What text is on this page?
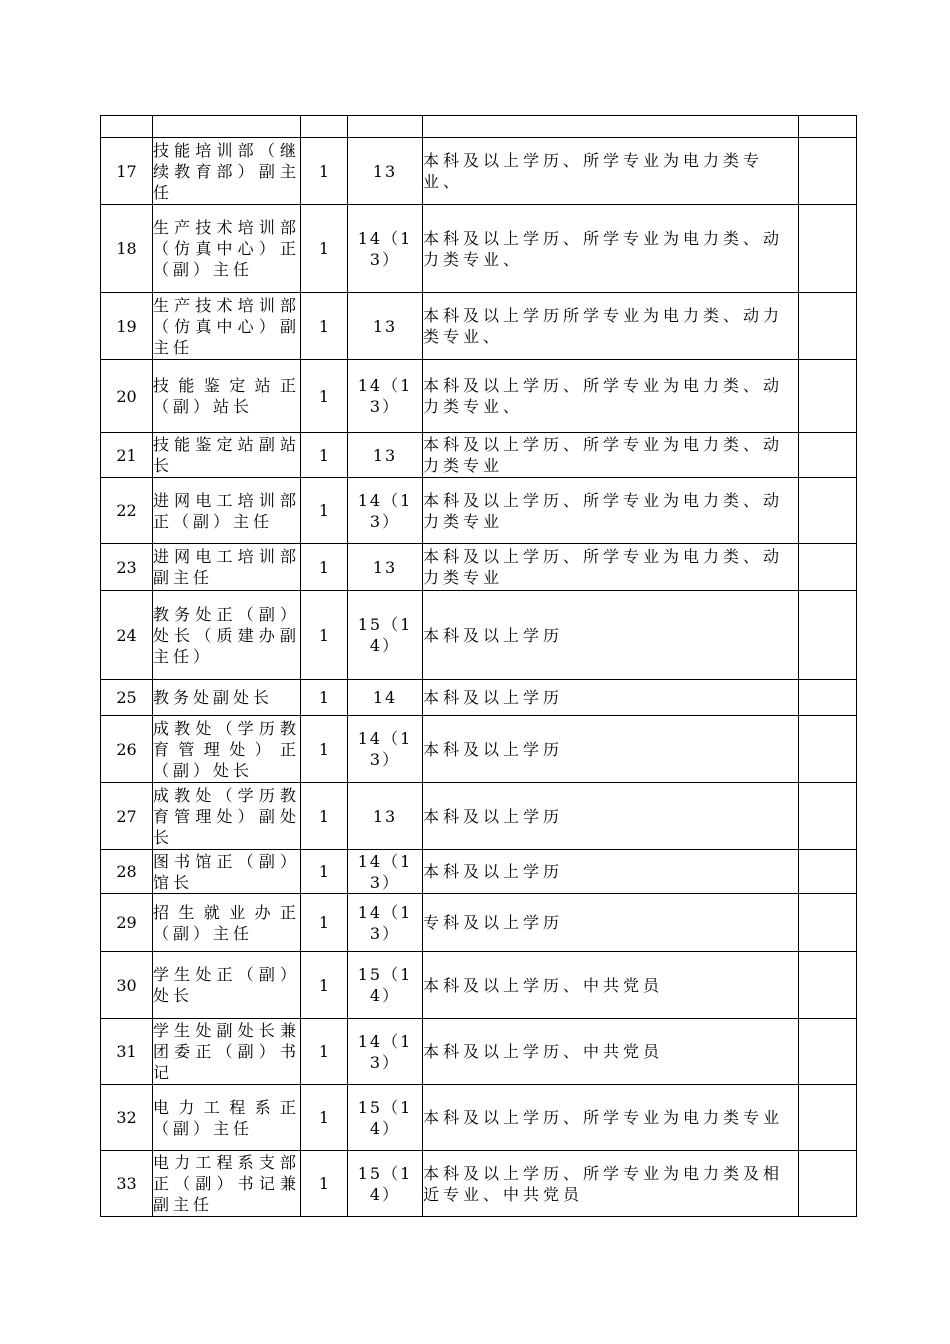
17	技能培训部（继续教育部）副主任	1	13	本科及以上学历、所学专业为电力类专业、	
18	生产技术培训部（仿真中心）正（副）主任	1	14（13）	本科及以上学历、所学专业为电力类、动力类专业、	
19	生产技术培训部（仿真中心）副主任	1	13	本科及以上学历所学专业为电力类、动力类专业、	
20	技能鉴定站正（副）站长	1	14（13）	本科及以上学历、所学专业为电力类、动力类专业、	
21	技能鉴定站副站长	1	13	本科及以上学历、所学专业为电力类、动力类专业	
22	进网电工培训部正（副）主任	1	14（13）	本科及以上学历、所学专业为电力类、动力类专业	
23	进网电工培训部副主任	1	13	本科及以上学历、所学专业为电力类、动力类专业	
24	教务处正（副）处长（质建办副主任）	1	15（14）	本科及以上学历	
25	教务处副处长	1	14	本科及以上学历	
26	成教处（学历教育管理处）正（副）处长	1	14（13）	本科及以上学历	
27	成教处（学历教育管理处）副处长	1	13	本科及以上学历	
28	图书馆正（副）馆长	1	14（13）	本科及以上学历	
29	招生就业办正（副）主任	1	14（13）	专科及以上学历	
30	学生处正（副）处长	1	15（14）	本科及以上学历、中共党员	
31	学生处副处长兼团委正（副）书记	1	14（13）	本科及以上学历、中共党员	
32	电力工程系正（副）主任	1	15（14）	本科及以上学历、所学专业为电力类专业	
33	电力工程系支部正（副）书记兼副主任	1	15（14）	本科及以上学历、所学专业为电力类及相近专业、中共党员	
